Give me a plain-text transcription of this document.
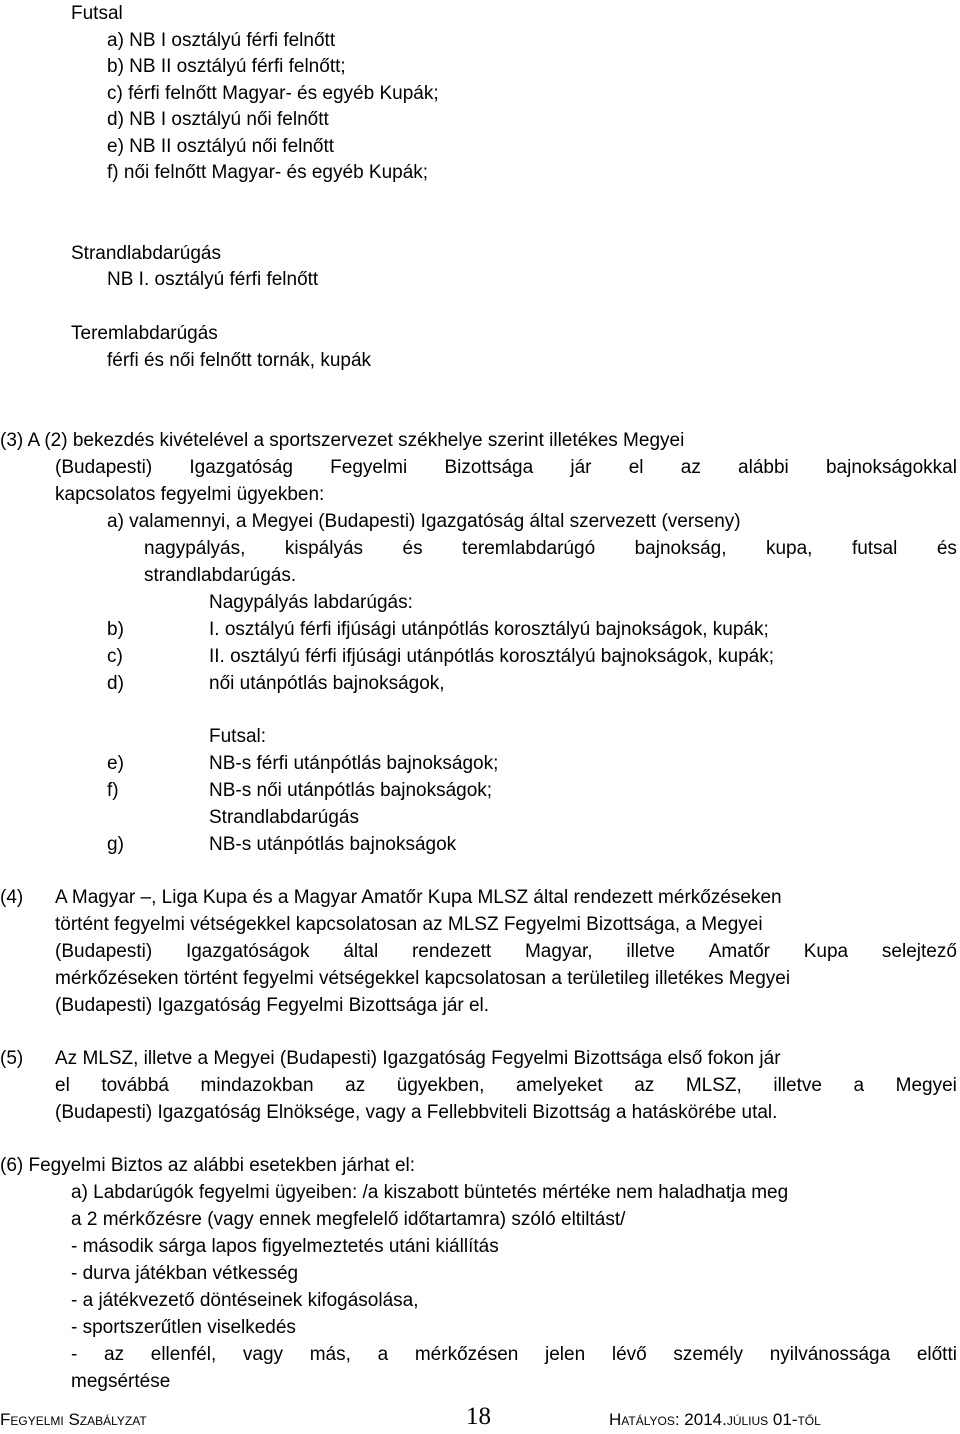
Futsal
a) NB I osztályú férfi felnőtt
b) NB II osztályú férfi felnőtt;
c) férfi felnőtt Magyar- és egyéb Kupák;
d) NB I osztályú női felnőtt
e) NB II osztályú női felnőtt
f) női felnőtt Magyar- és egyéb Kupák;
Strandlabdarúgás
NB I. osztályú férfi felnőtt
Teremlabdarúgás
férfi és női felnőtt tornák, kupák
(3) A (2) bekezdés kivételével a sportszervezet székhelye szerint illetékes Megyei
(Budapesti) Igazgatóság Fegyelmi Bizottsága jár el az alábbi bajnokságokkal
kapcsolatos fegyelmi ügyekben:
a) valamennyi, a Megyei (Budapesti) Igazgatóság által szervezett (verseny)
nagypályás, kispályás és teremlabdarúgó bajnokság, kupa, futsal és
strandlabdarúgás.
Nagypályás labdarúgás:
b)	I. osztályú férfi ifjúsági utánpótlás korosztályú bajnokságok, kupák;
c)	II. osztályú férfi ifjúsági utánpótlás korosztályú bajnokságok, kupák;
d)	női utánpótlás bajnokságok,
Futsal:
e)	NB-s férfi utánpótlás bajnokságok;
f)	NB-s női utánpótlás bajnokságok;
Strandlabdarúgás
g)	NB-s utánpótlás bajnokságok
(4) A Magyar –, Liga Kupa és a Magyar Amatőr Kupa MLSZ által rendezett mérkőzéseken
történt fegyelmi vétségekkel kapcsolatosan az MLSZ Fegyelmi Bizottsága, a Megyei
(Budapesti) Igazgatóságok által rendezett Magyar, illetve Amatőr Kupa selejtező
mérkőzéseken történt fegyelmi vétségekkel kapcsolatosan a területileg illetékes Megyei
(Budapesti) Igazgatóság Fegyelmi Bizottsága jár el.
(5) Az MLSZ, illetve a Megyei (Budapesti) Igazgatóság Fegyelmi Bizottsága első fokon jár
el továbbá mindazokban az ügyekben, amelyeket az MLSZ, illetve a Megyei
(Budapesti) Igazgatóság Elnöksége, vagy a Fellebbviteli Bizottság a hatáskörébe utal.
(6) Fegyelmi Biztos az alábbi esetekben járhat el:
a) Labdarúgók fegyelmi ügyeiben: /a kiszabott büntetés mértéke nem haladhatja meg
a 2 mérkőzésre (vagy ennek megfelelő időtartamra) szóló eltiltást/
- második sárga lapos figyelmeztetés utáni kiállítás
- durva játékban vétkesség
- a játékvezető döntéseinek kifogásolása,
- sportszerűtlen viselkedés
- az ellenfél, vagy más, a mérkőzésen jelen lévő személy nyilvánossága előtti
megsértése
Fegyelmi Szabályzat	18	Hatályos: 2014.július 01-től
